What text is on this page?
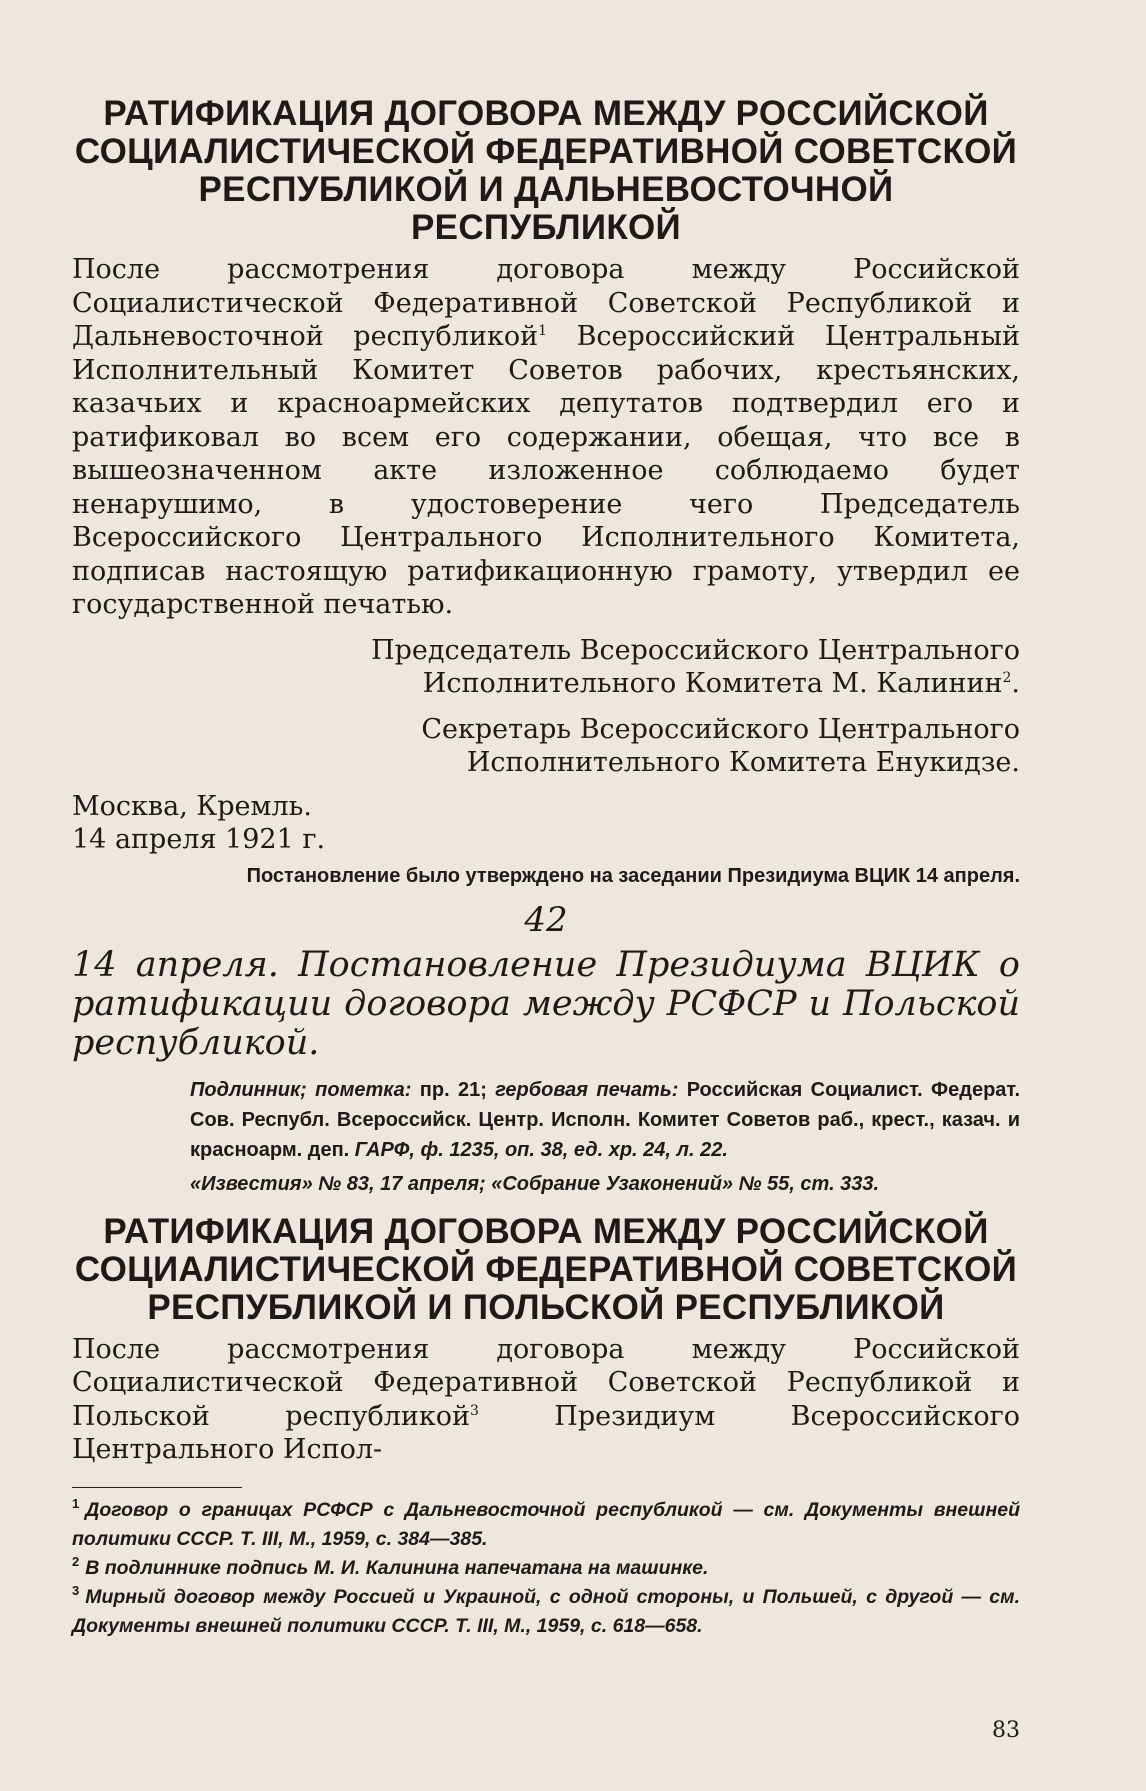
РАТИФИКАЦИЯ ДОГОВОРА МЕЖДУ РОССИЙСКОЙ СОЦИАЛИСТИЧЕСКОЙ ФЕДЕРАТИВНОЙ СОВЕТСКОЙ РЕСПУБЛИКОЙ И ДАЛЬНЕВОСТОЧНОЙ РЕСПУБЛИКОЙ

После рассмотрения договора между Российской Социалистической Федеративной Советской Республикой и Дальневосточной республикой$^1$ Всероссийский Центральный Исполнительный Комитет Советов рабочих, крестьянских, казачьих и красноармейских депутатов подтвердил его и ратификовал во всем его содержании, обещая, что все в вышеозначенном акте изложенное соблюдаемо будет ненарушимо, в удостоверение чего Председатель Всероссийского Центрального Исполнительного Комитета, подписав настоящую ратификационную грамоту, утвердил ее государственной печатью.

Председатель Всероссийского Центрального
Исполнительного Комитета М. Калинин$^2$.
Секретарь Всероссийского Центрального
Исполнительного Комитета Енукидзе.
Москва, Кремль.
14 апреля 1921 г.

Постановление было утверждено на заседании Президиума ВЦИК 14 апреля.

42

14 апреля. Постановление Президиума ВЦИК о ратификации договора между РСФСР и Польской республикой.

Подлинник; пометка: пр. 21; гербовая печать: Российская Социалист. Федерат. Сов. Республ. Всероссийск. Центр. Исполн. Комитет Советов раб., крест., казач. и красноарм. деп. ГАРФ, ф. 1235, оп. 38, ед. хр. 24, л. 22.

«Известия» № 83, 17 апреля; «Собрание Узаконений» № 55, ст. 333.

РАТИФИКАЦИЯ ДОГОВОРА МЕЖДУ РОССИЙСКОЙ СОЦИАЛИСТИЧЕСКОЙ ФЕДЕРАТИВНОЙ СОВЕТСКОЙ РЕСПУБЛИКОЙ И ПОЛЬСКОЙ РЕСПУБЛИКОЙ

После рассмотрения договора между Российской Социалистической Федеративной Советской Республикой и Польской республикой$^3$ Президиум Всероссийского Центрального Испол-

$^1$ Договор о границах РСФСР с Дальневосточной республикой — см. Документы внешней политики СССР. Т. III, М., 1959, с. 384—385.

$^2$ В подлиннике подпись М. И. Калинина напечатана на машинке.

$^3$ Мирный договор между Россией и Украиной, с одной стороны, и Польшей, с другой — см. Документы внешней политики СССР. Т. III, М., 1959, с. 618—658.

83
